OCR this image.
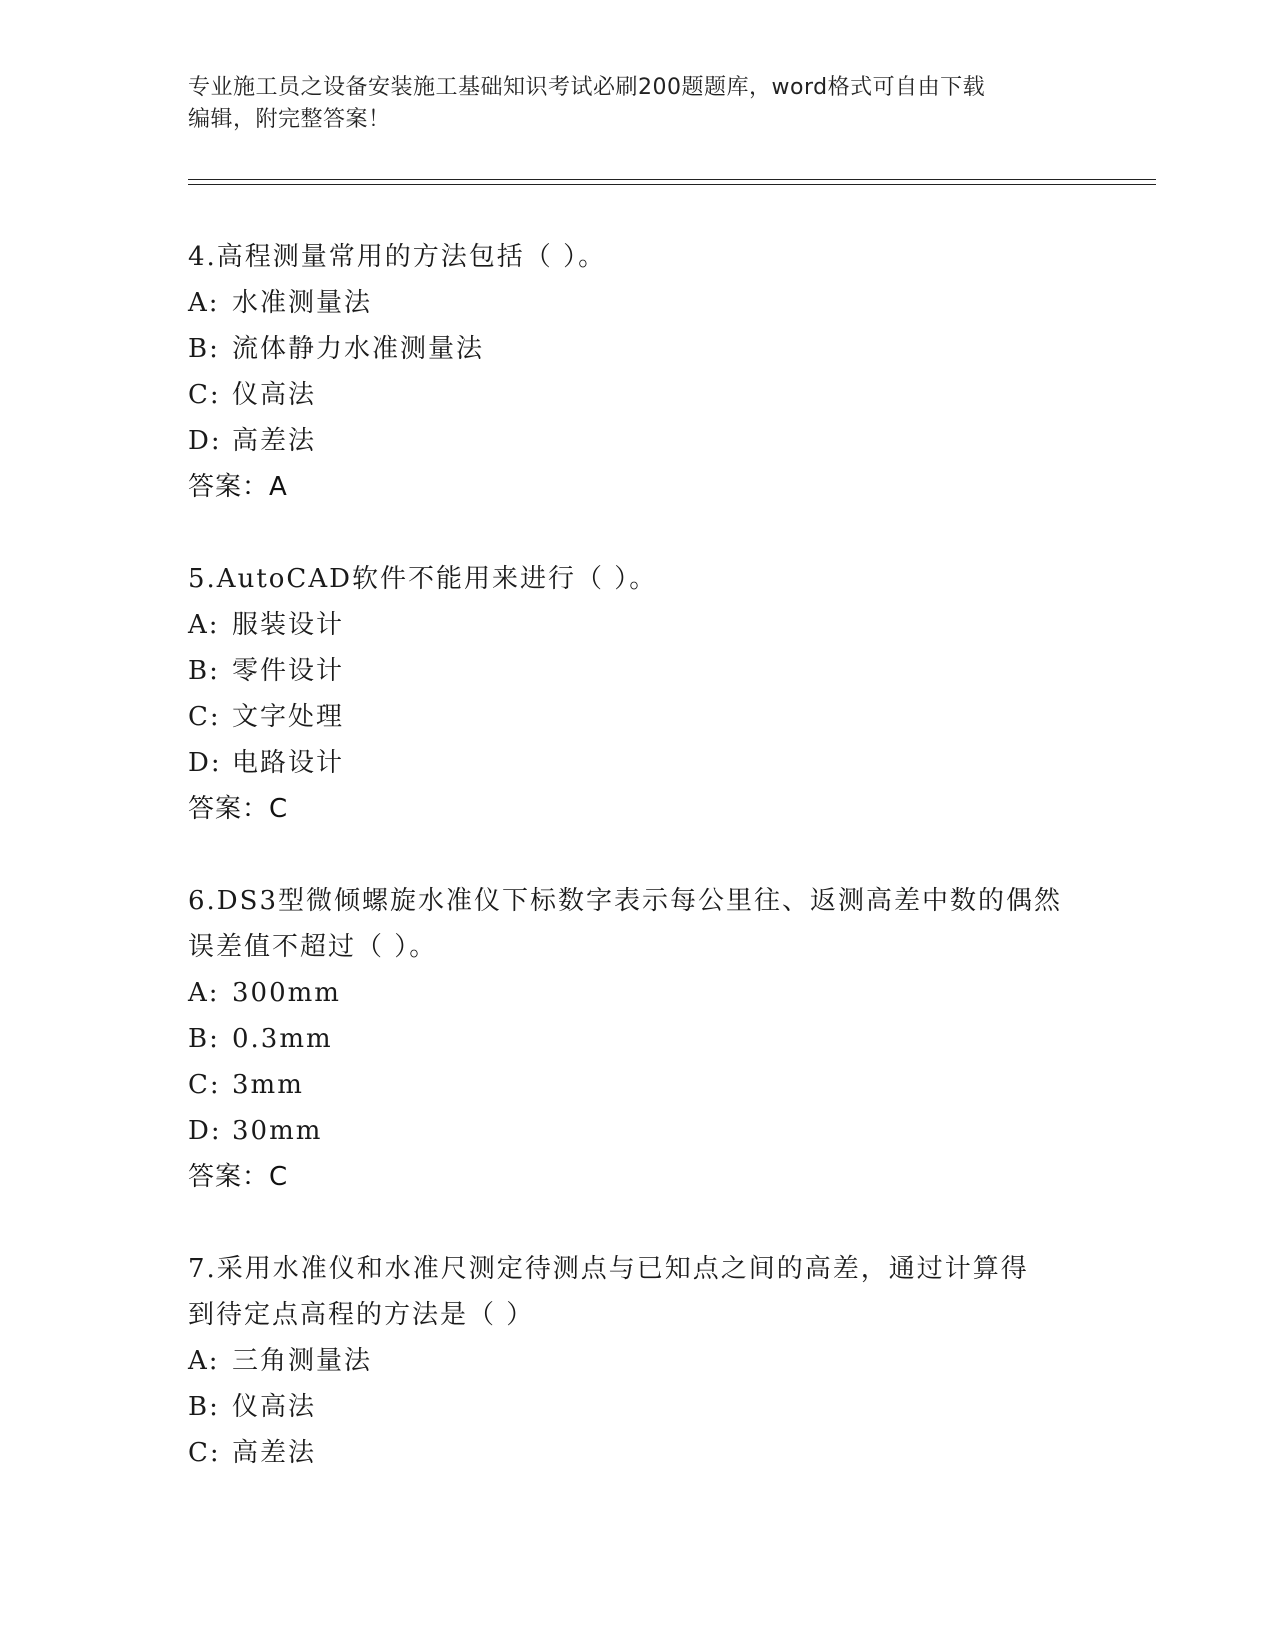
专业施工员之设备安装施工基础知识考试必刷200题题库，word格式可自由下载
编辑，附完整答案！
4.高程测量常用的方法包括（ ）。
A: 水准测量法
B: 流体静力水准测量法
C: 仪高法
D: 高差法
答案：A
5.AutoCAD软件不能用来进行（ ）。
A: 服装设计
B: 零件设计
C: 文字处理
D: 电路设计
答案：C
6.DS3型微倾螺旋水准仪下标数字表示每公里往、返测高差中数的偶然
误差值不超过（ ）。
A: 300mm
B: 0.3mm
C: 3mm
D: 30mm
答案：C
7.采用水准仪和水准尺测定待测点与已知点之间的高差，通过计算得
到待定点高程的方法是（ ）
A: 三角测量法
B: 仪高法
C: 高差法
